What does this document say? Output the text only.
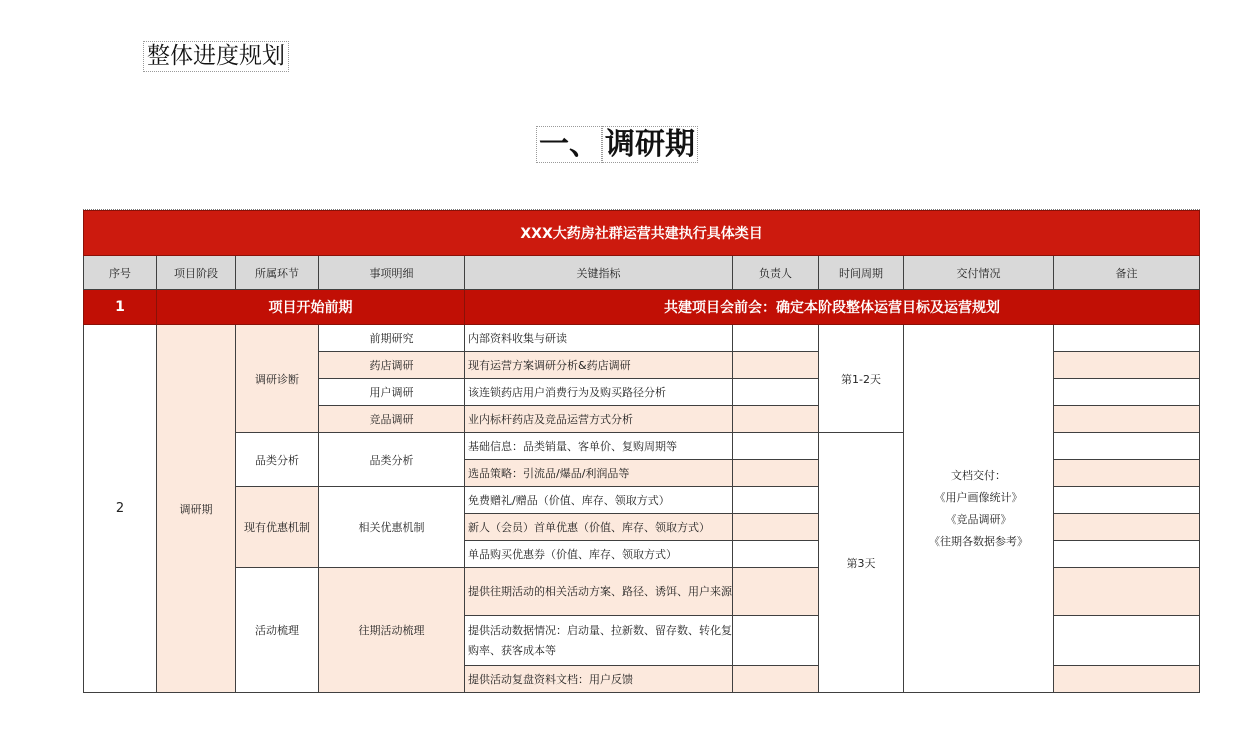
整体进度规划
一、 调研期
XXX大药房社群运营共建执行具体类目								
序号	项目阶段	所属环节	事项明细	关键指标	负责人	时间周期	交付情况	备注
1	项目开始前期			共建项目会前会：确定本阶段整体运营目标及运营规划				
2	调研期	调研诊断	前期研究	内部资料收集与研读		第1-2天	文档交付：
《用户画像统计》
《竞品调研》
《往期各数据参考》	

			药店调研	现有运营方案调研分析&药店调研				
			用户调研	该连锁药店用户消费行为及购买路径分析				
			竞品调研	业内标杆药店及竞品运营方式分析				
		品类分析	品类分析	基础信息：品类销量、客单价、复购周期等		第3天		
				选品策略：引流品/爆品/利润品等				
		现有优惠机制	相关优惠机制	免费赠礼/赠品（价值、库存、领取方式）				
				新人（会员）首单优惠（价值、库存、领取方式）				
				单品购买优惠券（价值、库存、领取方式）				
		活动梳理	往期活动梳理	提供往期活动的相关活动方案、路径、诱饵、用户来源				
				提供活动数据情况：启动量、拉新数、留存数、转化复购率、获客成本等				
				提供活动复盘资料文档：用户反馈				
